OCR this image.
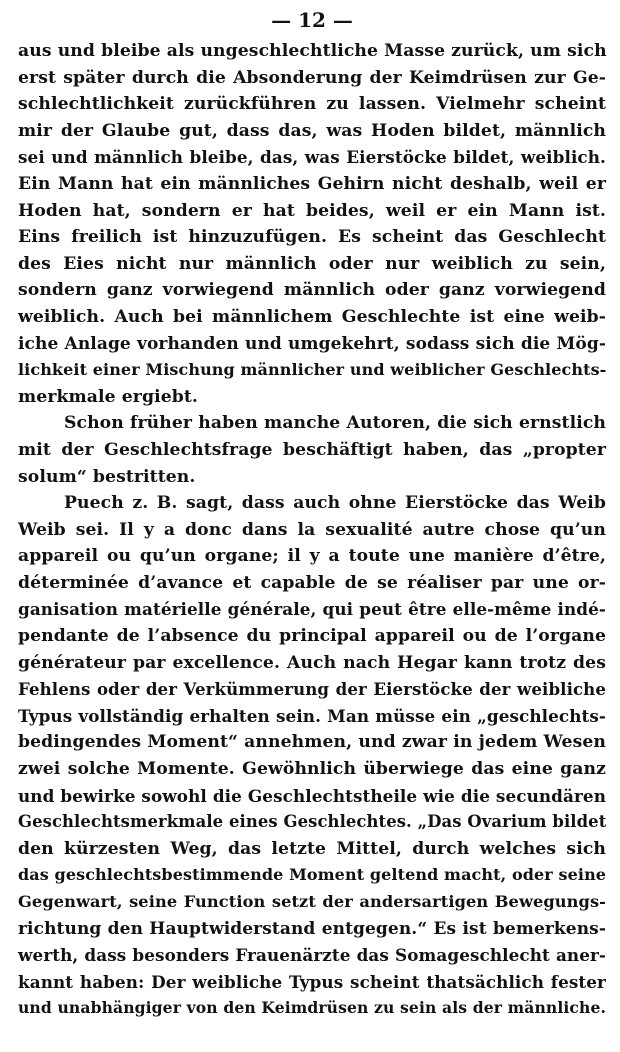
— 12 —
aus und bleibe als ungeschlechtliche Masse zurück, um sich
erst später durch die Absonderung der Keimdrüsen zur Ge-
schlechtlichkeit zurückführen zu lassen. Vielmehr scheint
mir der Glaube gut, dass das, was Hoden bildet, männlich
sei und männlich bleibe, das, was Eierstöcke bildet, weiblich.
Ein Mann hat ein männliches Gehirn nicht deshalb, weil er
Hoden hat, sondern er hat beides, weil er ein Mann ist.
Eins freilich ist hinzuzufügen. Es scheint das Geschlecht
des Eies nicht nur männlich oder nur weiblich zu sein,
sondern ganz vorwiegend männlich oder ganz vorwiegend
weiblich. Auch bei männlichem Geschlechte ist eine weib-
iche Anlage vorhanden und umgekehrt, sodass sich die Mög-
lichkeit einer Mischung männlicher und weiblicher Geschlechts-
merkmale ergiebt.
Schon früher haben manche Autoren, die sich ernstlich
mit der Geschlechtsfrage beschäftigt haben, das „propter
solum“ bestritten.
Puech z. B. sagt, dass auch ohne Eierstöcke das Weib
Weib sei. Il y a donc dans la sexualité autre chose qu’un
appareil ou qu’un organe; il y a toute une manière d’être,
déterminée d’avance et capable de se réaliser par une or-
ganisation matérielle générale, qui peut être elle-même indé-
pendante de l’absence du principal appareil ou de l’organe
générateur par excellence. Auch nach Hegar kann trotz des
Fehlens oder der Verkümmerung der Eierstöcke der weibliche
Typus vollständig erhalten sein. Man müsse ein „geschlechts-
bedingendes Moment“ annehmen, und zwar in jedem Wesen
zwei solche Momente. Gewöhnlich überwiege das eine ganz
und bewirke sowohl die Geschlechtstheile wie die secundären
Geschlechtsmerkmale eines Geschlechtes. „Das Ovarium bildet
den kürzesten Weg, das letzte Mittel, durch welches sich
das geschlechtsbestimmende Moment geltend macht, oder seine
Gegenwart, seine Function setzt der andersartigen Bewegungs-
richtung den Hauptwiderstand entgegen.“ Es ist bemerkens-
werth, dass besonders Frauenärzte das Somageschlecht aner-
kannt haben: Der weibliche Typus scheint thatsächlich fester
und unabhängiger von den Keimdrüsen zu sein als der männliche.
